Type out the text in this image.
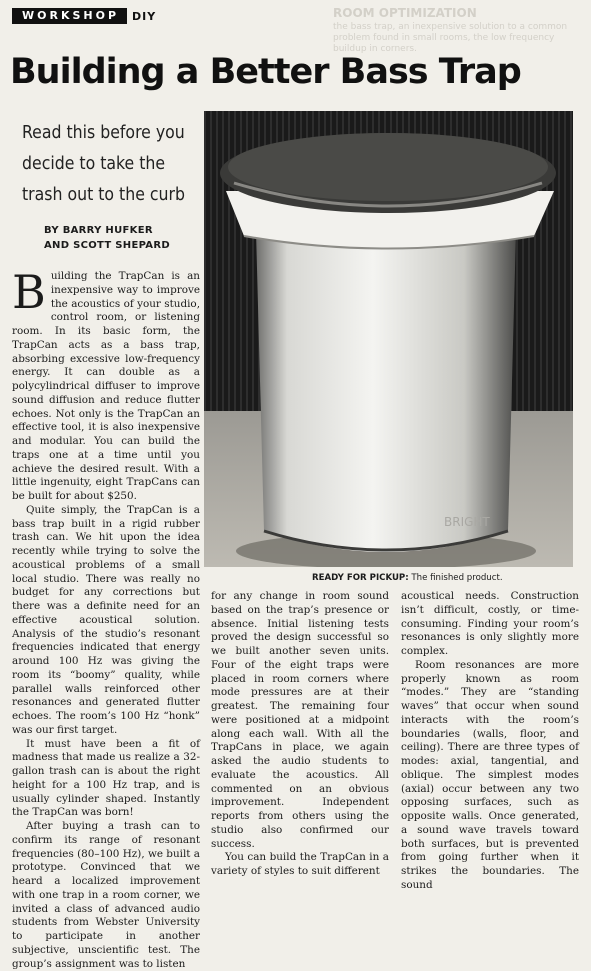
WORKSHOP	DIY	ROOM OPTIMIZATION
the bass trap, an inexpensive solution to a common problem found in small rooms, the low frequency buildup in corners.
Building a Better Bass Trap
Read this before you decide to take the trash out to the curb
BY BARRY HUFKER
AND SCOTT SHEPARD

Building the TrapCan is an inexpensive way to improve the acoustics of your studio, control room, or listening room. In its basic form, the TrapCan acts as a bass trap, absorbing excessive low-frequency energy. It can double as a polycylindrical diffuser to improve sound diffusion and reduce flutter echoes. Not only is the TrapCan an effective tool, it is also inexpensive and modular. You can build the traps one at a time until you achieve the desired result. With a little ingenuity, eight TrapCans can be built for about $250.

Quite simply, the TrapCan is a bass trap built in a rigid rubber trash can. We hit upon the idea recently while trying to solve the acoustical problems of a small local studio. There was really no budget for any corrections but there was a definite need for an effective acoustical solution. Analysis of the studio’s resonant frequencies indicated that energy around 100 Hz was giving the room its “boomy” quality, while parallel walls reinforced other resonances and generated flutter echoes. The room’s 100 Hz “honk” was our first target.

It must have been a fit of madness that made us realize a 32-gallon trash can is about the right height for a 100 Hz trap, and is usually cylinder shaped. Instantly the TrapCan was born!

After buying a trash can to confirm its range of resonant frequencies (80–100 Hz), we built a prototype. Convinced that we heard a localized improvement with one trap in a room corner, we invited a class of advanced audio students from Webster University to participate in another subjective, unscientific test. The group’s assignment was to listen

BRIGHT
READY FOR PICKUP: The finished product.

for any change in room sound based on the trap’s presence or absence. Initial listening tests proved the design successful so we built another seven units. Four of the eight traps were placed in room corners where mode pressures are at their greatest. The remaining four were positioned at a midpoint along each wall. With all the TrapCans in place, we again asked the audio students to evaluate the acoustics. All commented on an obvious improvement. Independent reports from others using the studio also confirmed our success.

You can build the TrapCan in a variety of styles to suit different

acoustical needs. Construction isn’t difficult, costly, or time-consuming. Finding your room’s resonances is only slightly more complex.

Room resonances are more properly known as room “modes.” They are “standing waves” that occur when sound interacts with the room’s boundaries (walls, floor, and ceiling). There are three types of modes: axial, tangential, and oblique. The simplest modes (axial) occur between any two opposing surfaces, such as opposite walls. Once generated, a sound wave travels toward both surfaces, but is prevented from going further when it strikes the boundaries. The sound
